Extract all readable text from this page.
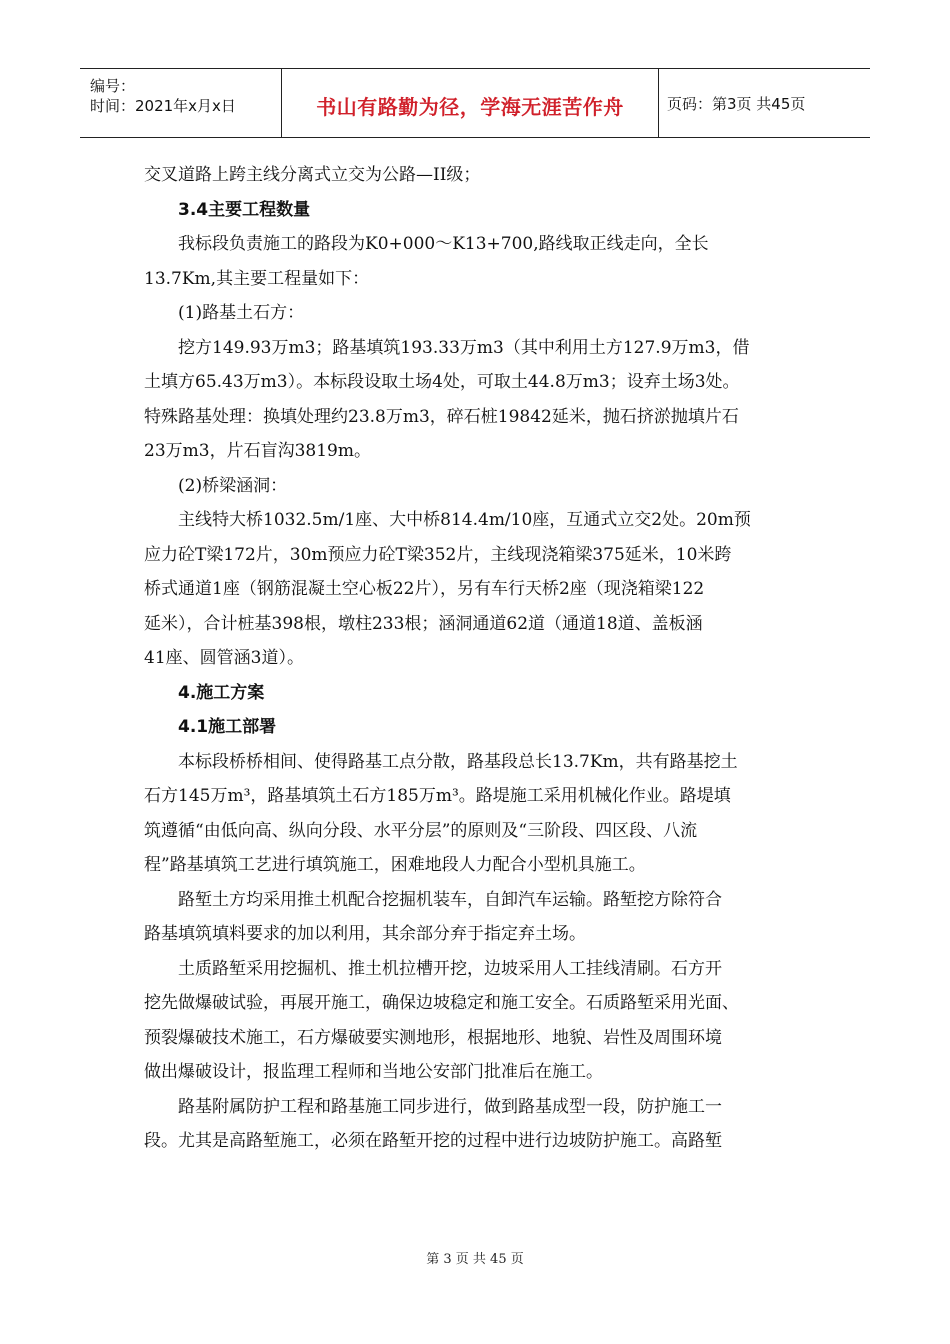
编号：
时间：2021年x月x日	书山有路勤为径，学海无涯苦作舟	页码：第3页 共45页

交叉道路上跨主线分离式立交为公路—II级；

3.4主要工程数量

我标段负责施工的路段为K0+000～K13+700,路线取正线走向，全长

13.7Km,其主要工程量如下：

(1)路基土石方：

挖方149.93万m3；路基填筑193.33万m3（其中利用土方127.9万m3，借

土填方65.43万m3）。本标段设取土场4处，可取土44.8万m3；设弃土场3处。

特殊路基处理：换填处理约23.8万m3，碎石桩19842延米，抛石挤淤抛填片石

23万m3，片石盲沟3819m。

(2)桥梁涵洞：

主线特大桥1032.5m/1座、大中桥814.4m/10座，互通式立交2处。20m预

应力砼T梁172片，30m预应力砼T梁352片，主线现浇箱梁375延米，10米跨

桥式通道1座（钢筋混凝土空心板22片），另有车行天桥2座（现浇箱梁122

延米），合计桩基398根，墩柱233根；涵洞通道62道（通道18道、盖板涵

41座、圆管涵3道）。

4.施工方案

4.1施工部署

本标段桥桥相间、使得路基工点分散，路基段总长13.7Km，共有路基挖土

石方145万m³，路基填筑土石方185万m³。路堤施工采用机械化作业。路堤填

筑遵循“由低向高、纵向分段、水平分层”的原则及“三阶段、四区段、八流

程”路基填筑工艺进行填筑施工，困难地段人力配合小型机具施工。

路堑土方均采用推土机配合挖掘机装车，自卸汽车运输。路堑挖方除符合

路基填筑填料要求的加以利用，其余部分弃于指定弃土场。

土质路堑采用挖掘机、推土机拉槽开挖，边坡采用人工挂线清刷。石方开

挖先做爆破试验，再展开施工，确保边坡稳定和施工安全。石质路堑采用光面、

预裂爆破技术施工，石方爆破要实测地形，根据地形、地貌、岩性及周围环境

做出爆破设计，报监理工程师和当地公安部门批准后在施工。

路基附属防护工程和路基施工同步进行，做到路基成型一段，防护施工一

段。尤其是高路堑施工，必须在路堑开挖的过程中进行边坡防护施工。高路堑

第 3 页 共 45 页
